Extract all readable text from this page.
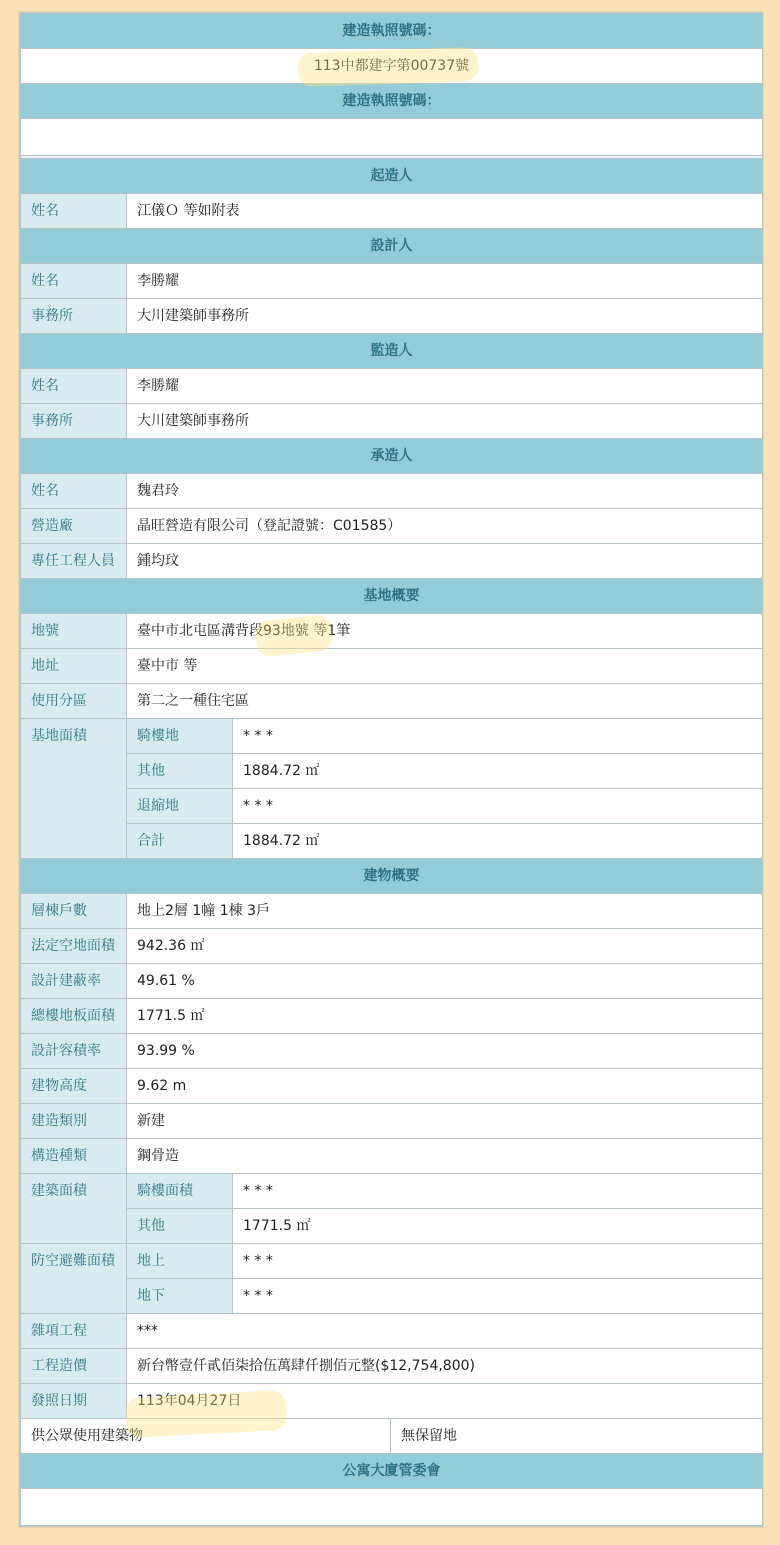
建造執照號碼：			
113中都建字第00737號			
建造執照號碼：			

起造人			
姓名	江儀Ｏ 等如附表		
設計人			
姓名	李勝耀		
事務所	大川建築師事務所		
監造人			
姓名	李勝耀		
事務所	大川建築師事務所		
承造人			
姓名	魏君玲		
營造廠	晶旺營造有限公司（登記證號：C01585）		
專任工程人員	鍾均玟		
基地概要			
地號	臺中市北屯區溝背段93地號 等1筆		
地址	臺中市 等		
使用分區	第二之一種住宅區		
基地面積	騎樓地	* * *	
	其他	1884.72 ㎡	
	退縮地	* * *	
	合計	1884.72 ㎡	
建物概要			
層棟戶數	地上2層 1幢 1棟 3戶		
法定空地面積	942.36 ㎡		
設計建蔽率	49.61 %		
總樓地板面積	1771.5 ㎡		
設計容積率	93.99 %		
建物高度	9.62 m		
建造類別	新建		
構造種類	鋼骨造		
建築面積	騎樓面積	* * *	
	其他	1771.5 ㎡	
防空避難面積	地上	* * *	
	地下	* * *	
雜項工程	***		
工程造價	新台幣壹仟貳佰柒拾伍萬肆仟捌佰元整($12,754,800)		
發照日期	113年04月27日		
供公眾使用建築物			無保留地
公寓大廈管委會			
